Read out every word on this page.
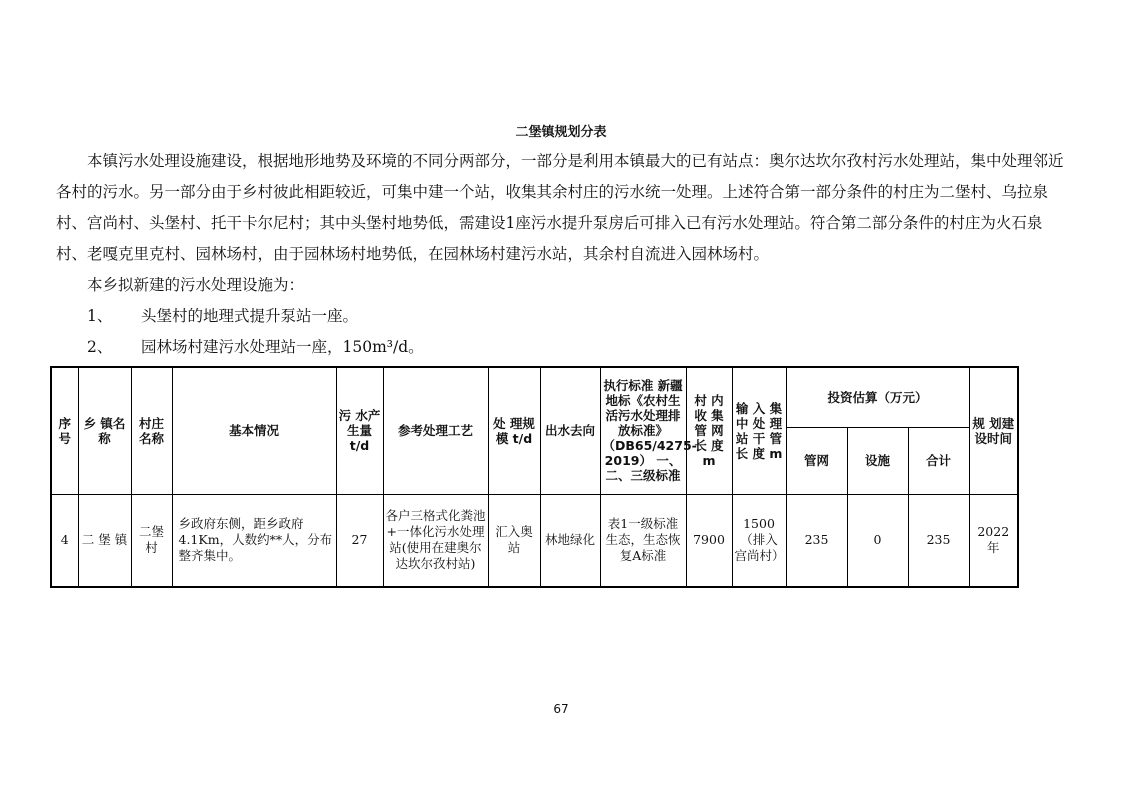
二堡镇规划分表

本镇污水处理设施建设，根据地形地势及环境的不同分两部分，一部分是利用本镇最大的已有站点：奥尔达坎尔孜村污水处理站，集中处理邻近各村的污水。另一部分由于乡村彼此相距较近，可集中建一个站，收集其余村庄的污水统一处理。上述符合第一部分条件的村庄为二堡村、乌拉泉村、宫尚村、头堡村、托干卡尔尼村；其中头堡村地势低，需建设1座污水提升泵房后可排入已有污水处理站。符合第二部分条件的村庄为火石泉村、老嘎克里克村、园林场村，由于园林场村地势低，在园林场村建污水站，其余村自流进入园林场村。

本乡拟新建的污水处理设施为：

1、 头堡村的地理式提升泵站一座。

2、 园林场村建污水处理站一座，150m³/d。

序号	乡 镇名称	村庄名称	基本情况	污 水产 生量 t/d	参考处理工艺	处 理规 模 t/d	出水去向	执行标准 新疆地标《农村生活污水处理排放标准》（DB65/4275-2019） 一、二、三级标准	村 内收 集管 网长 度 m	输 入 集 中 处 理 站 干 管 长 度 m	投资估算（万元）			规 划建 设时间
											管网	设施	合计	
4	二 堡 镇	二堡村	乡政府东侧，距乡政府4.1Km，人数约**人，分布整齐集中。	27	各户三格式化粪池+一体化污水处理站(使用在建奥尔达坎尔孜村站)	汇入奥站	林地绿化	表1一级标准生态，生态恢复A标准	7900	1500（排入宫尚村）	235	0	235	2022年
67
